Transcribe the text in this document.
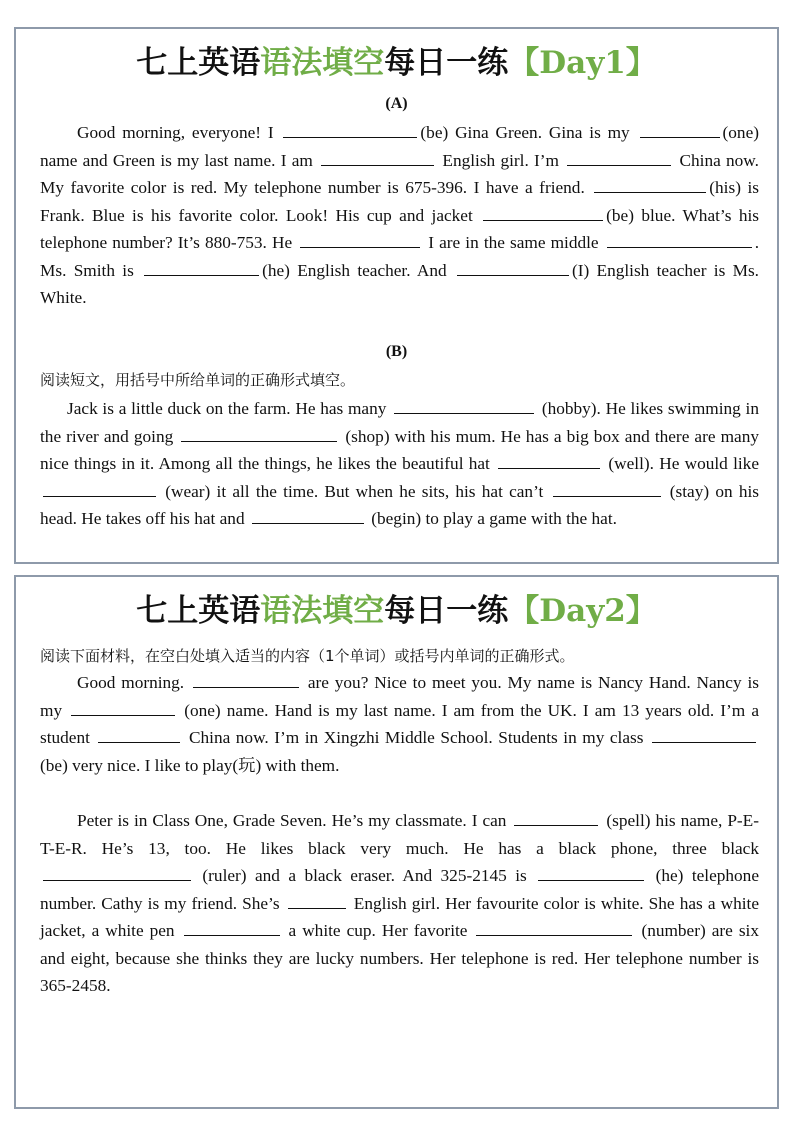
七上英语语法填空每日一练【Day1】
(A)
Good morning, everyone! I	(be) Gina Green. Gina is my	(one) name and Green is my last name. I am	English girl. I’m	China now. My favorite color is red. My telephone number is 675-396. I have a friend.	(his) is Frank. Blue is his favorite color. Look! His cup and jacket	(be) blue. What’s his telephone number? It’s 880-753. He	I are in the same middle	. Ms. Smith is	(he) English teacher. And	(I) English teacher is Ms. White.
(B)
阅读短文，用括号中所给单词的正确形式填空。
Jack is a little duck on the farm. He has many	(hobby). He likes swimming in the river and going	(shop) with his mum. He has a big box and there are many nice things in it. Among all the things, he likes the beautiful hat	(well). He would like  (wear) it all the time. But when he sits, his hat can’t	(stay) on his head. He takes off his hat and	(begin) to play a game with the hat.
七上英语语法填空每日一练【Day2】
阅读下面材料，在空白处填入适当的内容（1个单词）或括号内单词的正确形式。
Good morning.	are you? Nice to meet you. My name is Nancy Hand. Nancy is my	(one) name. Hand is my last name. I am from the UK. I am 13 years old. I’m a student	China now. I’m in Xingzhi Middle School. Students in my class  (be) very nice. I like to play(玩) with them.
Peter is in Class One, Grade Seven. He’s my classmate. I can	(spell) his name, P-E-T-E-R. He’s 13, too. He likes black very much. He has a black phone, three black  (ruler) and a black eraser. And 325-2145 is	(he) telephone number. Cathy is my friend. She’s	English girl. Her favourite color is white. She has a white jacket, a white pen	a white cup. Her favorite	(number) are six and eight, because she thinks they are lucky numbers. Her telephone is red. Her telephone number is 365-2458.
